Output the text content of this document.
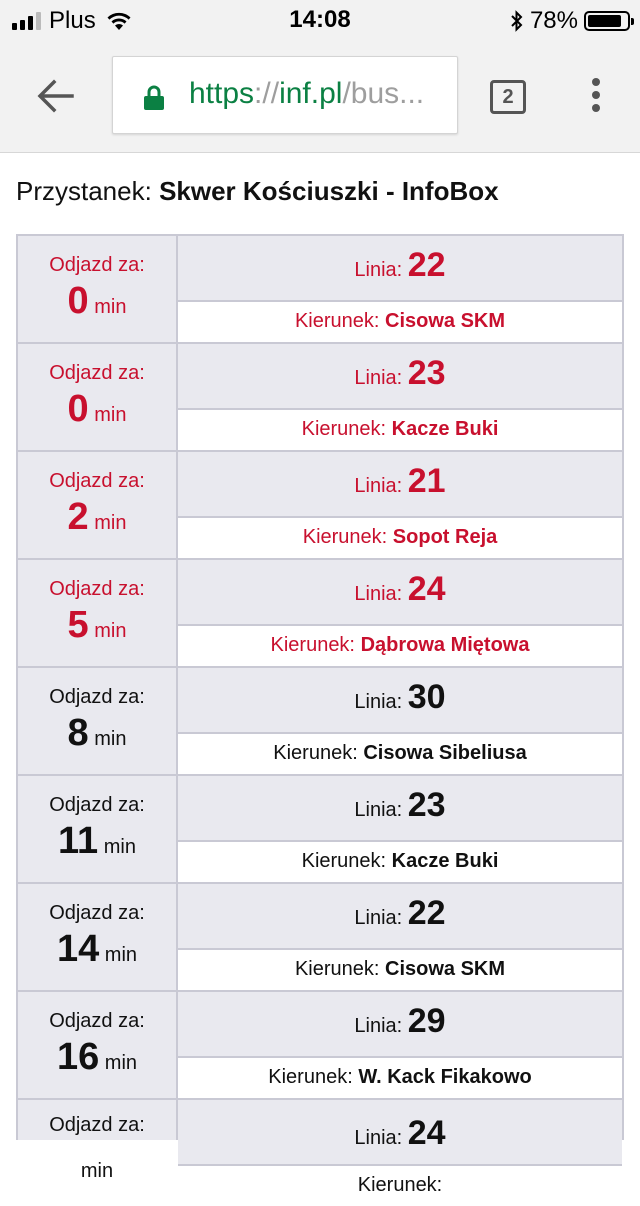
Plus	14:08	78%
https://inf.pl/bus...	2
Przystanek: Skwer Kościuszki - InfoBox
Odjazd za:
0 min
Linia: 22
Kierunek: Cisowa SKM
Odjazd za:
0 min
Linia: 23
Kierunek: Kacze Buki
Odjazd za:
2 min
Linia: 21
Kierunek: Sopot Reja
Odjazd za:
5 min
Linia: 24
Kierunek: Dąbrowa Miętowa
Odjazd za:
8 min
Linia: 30
Kierunek: Cisowa Sibeliusa
Odjazd za:
11 min
Linia: 23
Kierunek: Kacze Buki
Odjazd za:
14 min
Linia: 22
Kierunek: Cisowa SKM
Odjazd za:
16 min
Linia: 29
Kierunek: W. Kack Fikakowo
Odjazd za:
min
Linia: 24
Kierunek:
